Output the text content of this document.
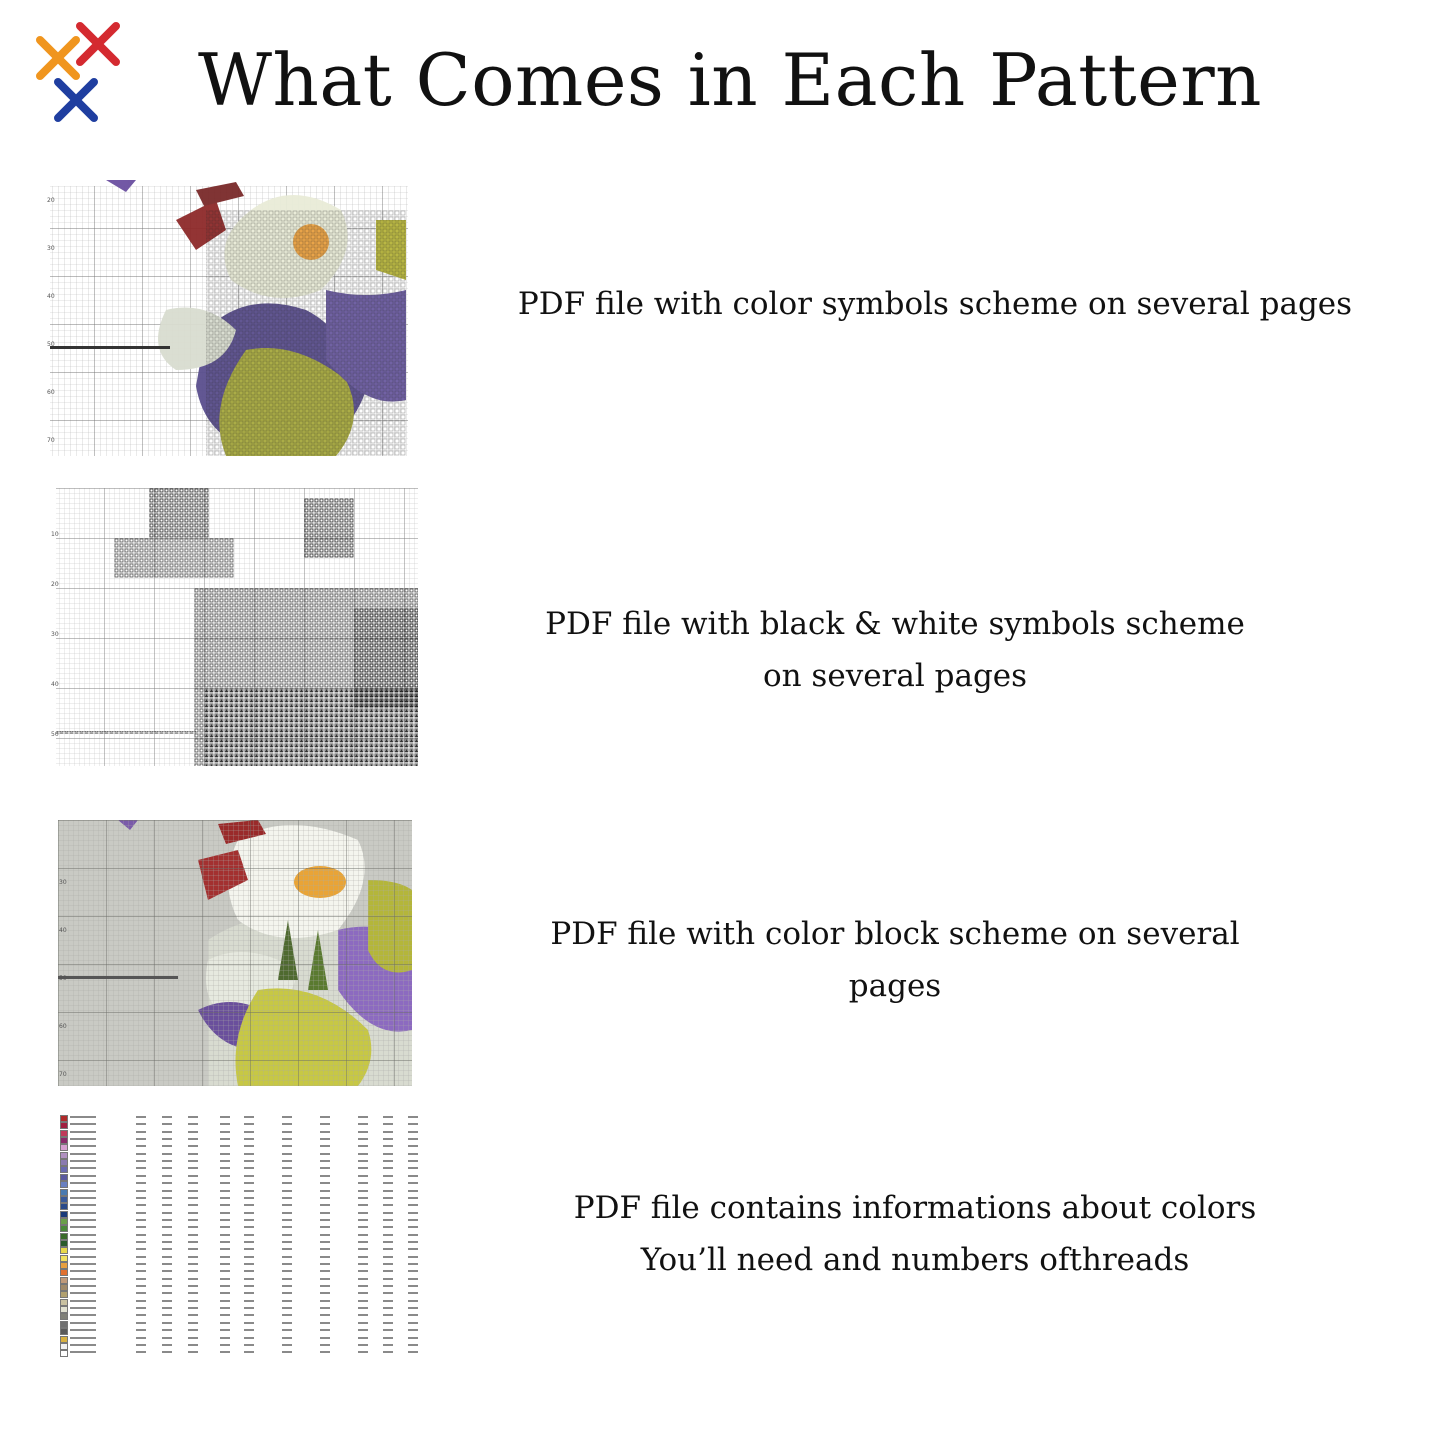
What Comes in Each Pattern
20
30
40
50
60
70
PDF file with color symbols scheme on several pages
10
20
30
40
50
PDF file with black & white symbols scheme
on several pages
30
40
50
60
70
PDF file with color block scheme on several
pages
PDF file contains informations about colors
You’ll need and numbers ofthreads
